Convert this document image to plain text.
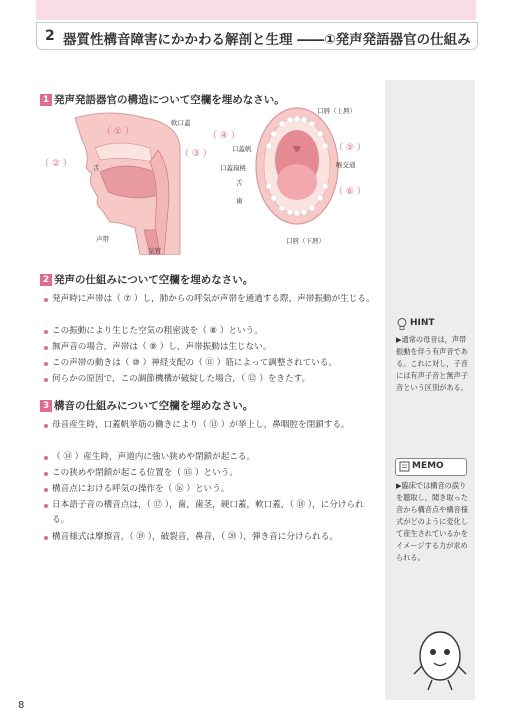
2 器質性構音障害にかかわる解剖と生理 ――①発声発語器官の仕組み
1 発声発語器官の構造について空欄を埋めなさい。
舌
軟口蓋
声帯
気管
（ ① ）
（ ② ）
（ ③ ）
口唇（上唇）
口蓋帆
口蓋扁桃
舌
歯
口唇（下唇）
喉交通
（ ④ ）
（ ⑤ ）
（ ⑥ ）
2 発声の仕組みについて空欄を埋めなさい。
発声時に声帯は（ ⑦ ）し，肺からの呼気が声帯を通過する際，声帯振動が生じる。
この振動により生じた空気の粗密波を（ ⑧ ）という。
無声音の場合，声帯は（ ⑨ ）し，声帯振動は生じない。
この声帯の動きは（ ⑩ ）神経支配の（ ⑪ ）筋によって調整されている。
何らかの原因で，この調節機構が破綻した場合，（ ⑫ ）をきたす。
3 構音の仕組みについて空欄を埋めなさい。
母音産生時，口蓋帆挙筋の働きにより（ ⑬ ）が挙上し，鼻咽腔を閉鎖する。
（ ⑭ ）産生時，声道内に強い狭めや閉鎖が起こる。
この狭めや閉鎖が起こる位置を（ ⑮ ）という。
構音点における呼気の操作を（ ⑯ ）という。
日本語子音の構音点は，（ ⑰ ），歯，歯茎，硬口蓋，軟口蓋，（ ⑱ ），に分けられる。
構音様式は摩擦音，（ ⑲ ），破裂音，鼻音，（ ⑳ ），弾き音に分けられる。
HINT
▶通常の母音は，声帯振動を伴う有声音である。これに対し，子音には有声子音と無声子音という区別がある。
MEMO
▶臨床では構音の誤りを聴取し，聞き取った音から構音点や構音様式がどのように変化して産生されているかをイメージする力が求められる。
8
